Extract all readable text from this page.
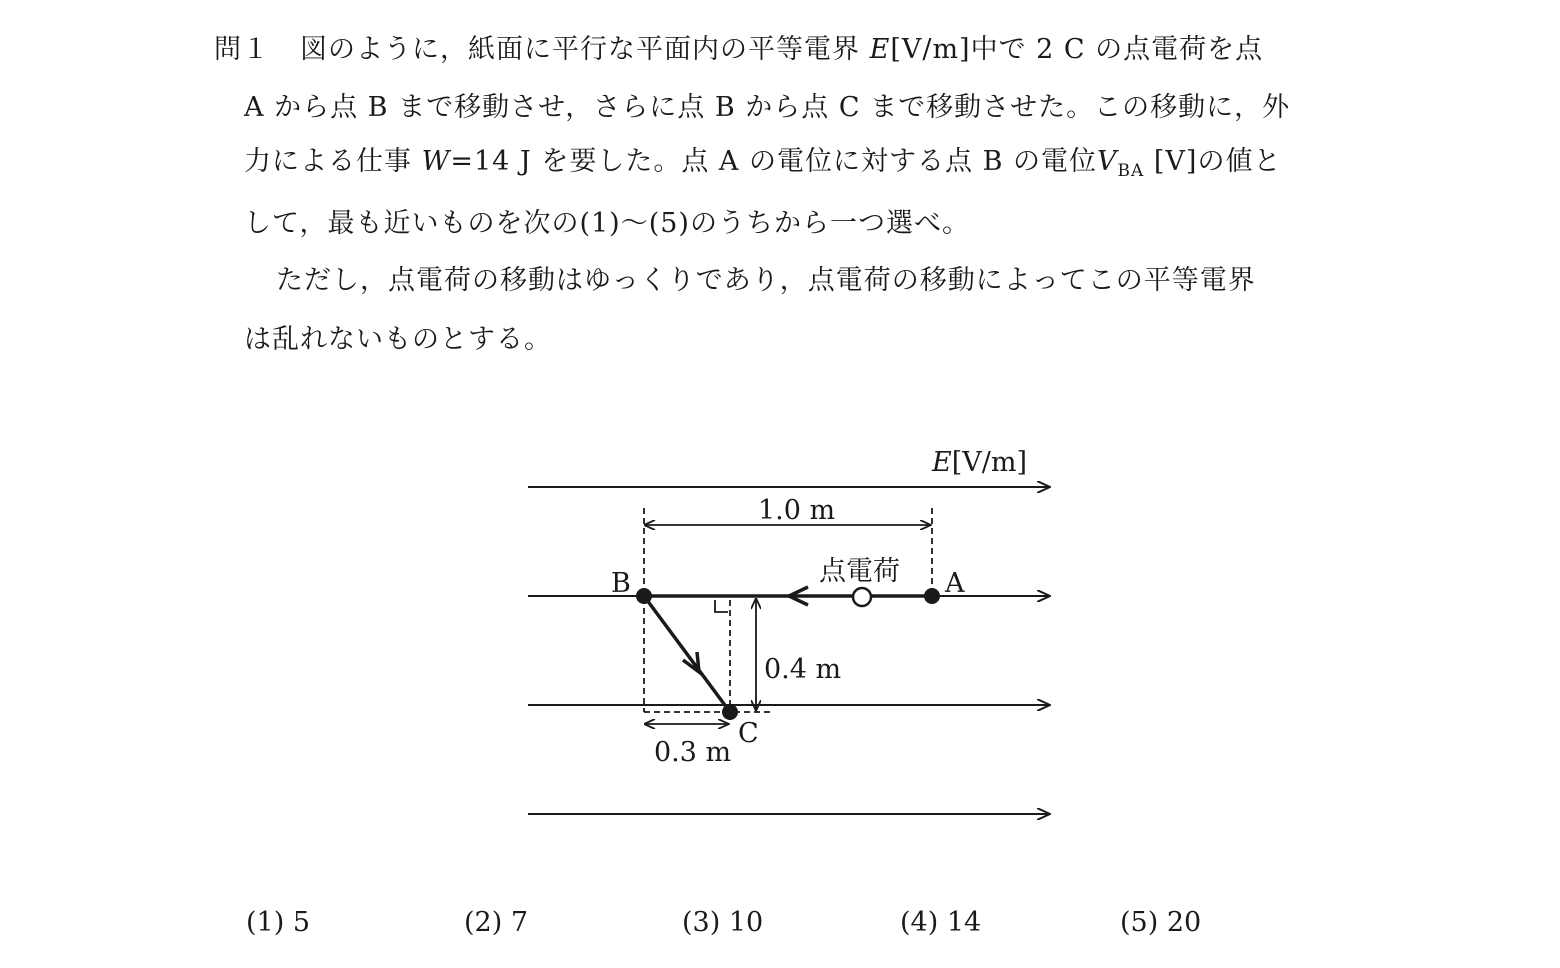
問１ 図のように，紙面に平行な平面内の平等電界 E[V/m]中で 2 C の点電荷を点
A から点 B まで移動させ，さらに点 B から点 C まで移動させた。この移動に，外
力による仕事 W=14 J を要した。点 A の電位に対する点 B の電位$V_{BA}$ [V]の値と
して，最も近いものを次の(1)～(5)のうちから一つ選べ。
ただし，点電荷の移動はゆっくりであり，点電荷の移動によってこの平等電界
は乱れないものとする。
E[V/m]
1.0 m
0.4 m
0.3 m
A
B
C
点電荷
(1) 5	(2) 7	(3) 10	(4) 14	(5) 20
